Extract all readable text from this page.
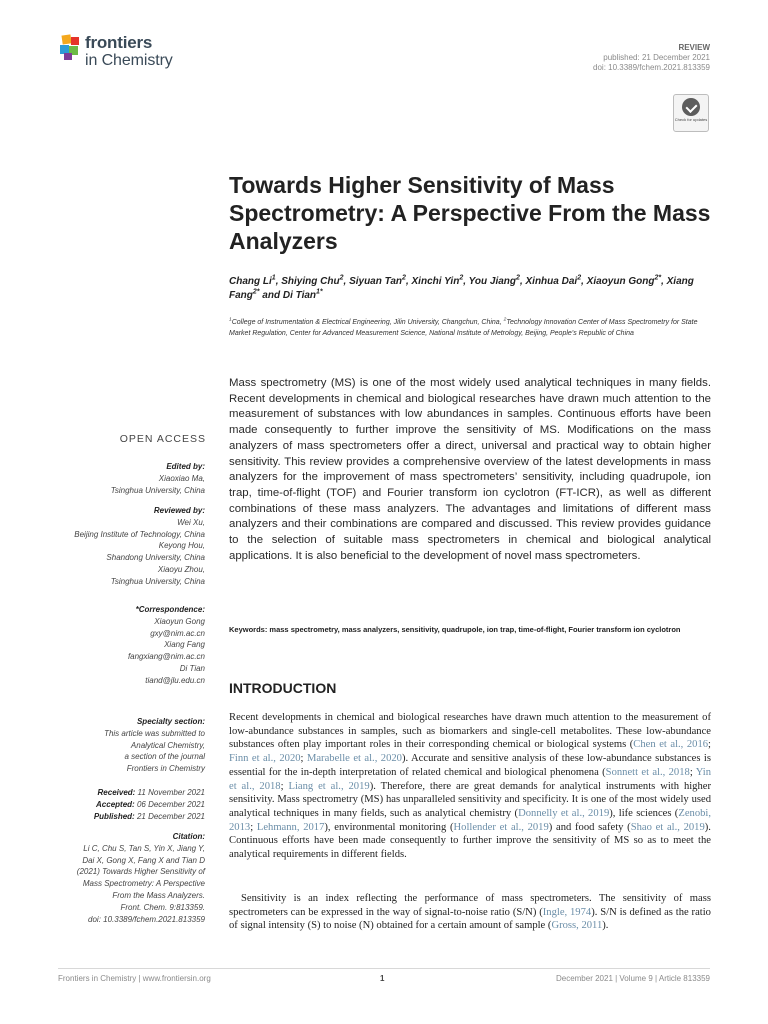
frontiers
in Chemistry
REVIEW
published: 21 December 2021
doi: 10.3389/fchem.2021.813359
Check for updates
Towards Higher Sensitivity of Mass Spectrometry: A Perspective From the Mass Analyzers
Chang Li$^1$, Shiying Chu$^2$, Siyuan Tan$^2$, Xinchi Yin$^2$, You Jiang$^2$, Xinhua Dai$^2$, Xiaoyun Gong$^{2*}$, Xiang Fang$^{2*}$ and Di Tian$^{1*}$
$^1$College of Instrumentation & Electrical Engineering, Jilin University, Changchun, China, $^2$Technology Innovation Center of Mass Spectrometry for State Market Regulation, Center for Advanced Measurement Science, National Institute of Metrology, Beijing, People’s Republic of China
Mass spectrometry (MS) is one of the most widely used analytical techniques in many fields. Recent developments in chemical and biological researches have drawn much attention to the measurement of substances with low abundances in samples. Continuous efforts have been made consequently to further improve the sensitivity of MS. Modifications on the mass analyzers of mass spectrometers offer a direct, universal and practical way to obtain higher sensitivity. This review provides a comprehensive overview of the latest developments in mass analyzers for the improvement of mass spectrometers’ sensitivity, including quadrupole, ion trap, time-of-flight (TOF) and Fourier transform ion cyclotron (FT-ICR), as well as different combinations of these mass analyzers. The advantages and limitations of different mass analyzers and their combinations are compared and discussed. This review provides guidance to the selection of suitable mass spectrometers in chemical and biological analytical applications. It is also beneficial to the development of novel mass spectrometers.
Keywords: mass spectrometry, mass analyzers, sensitivity, quadrupole, ion trap, time-of-flight, Fourier transform ion cyclotron
OPEN ACCESS
Edited by:
Xiaoxiao Ma,
Tsinghua University, China
Reviewed by:
Wei Xu,
Beijing Institute of Technology, China
Keyong Hou,
Shandong University, China
Xiaoyu Zhou,
Tsinghua University, China
*Correspondence:
Xiaoyun Gong
gxy@nim.ac.cn
Xiang Fang
fangxiang@nim.ac.cn
Di Tian
tiand@jlu.edu.cn
Specialty section:
This article was submitted to
Analytical Chemistry,
a section of the journal
Frontiers in Chemistry
Received: 11 November 2021
Accepted: 06 December 2021
Published: 21 December 2021
Citation:
Li C, Chu S, Tan S, Yin X, Jiang Y,
Dai X, Gong X, Fang X and Tian D
(2021) Towards Higher Sensitivity of
Mass Spectrometry: A Perspective
From the Mass Analyzers.
Front. Chem. 9:813359.
doi: 10.3389/fchem.2021.813359
INTRODUCTION
Recent developments in chemical and biological researches have drawn much attention to the measurement of low-abundance substances in samples, such as biomarkers and single-cell metabolites. These low-abundance substances often play important roles in their corresponding chemical or biological systems (Chen et al., 2016; Finn et al., 2020; Marabelle et al., 2020). Accurate and sensitive analysis of these low-abundance substances is essential for the in-depth interpretation of related chemical and biological phenomena (Sonnett et al., 2018; Yin et al., 2018; Liang et al., 2019). Therefore, there are great demands for analytical instruments with higher sensitivity. Mass spectrometry (MS) has unparalleled sensitivity and specificity. It is one of the most widely used analytical techniques in many fields, such as analytical chemistry (Donnelly et al., 2019), life sciences (Zenobi, 2013; Lehmann, 2017), environmental monitoring (Hollender et al., 2019) and food safety (Shao et al., 2019). Continuous efforts have been made consequently to further improve the sensitivity of MS so as to meet the analytical requirements in different fields.
Sensitivity is an index reflecting the performance of mass spectrometers. The sensitivity of mass spectrometers can be expressed in the way of signal-to-noise ratio (S/N) (Ingle, 1974). S/N is defined as the ratio of signal intensity (S) to noise (N) obtained for a certain amount of sample (Gross, 2011).
Frontiers in Chemistry | www.frontiersin.org	1	December 2021 | Volume 9 | Article 813359
